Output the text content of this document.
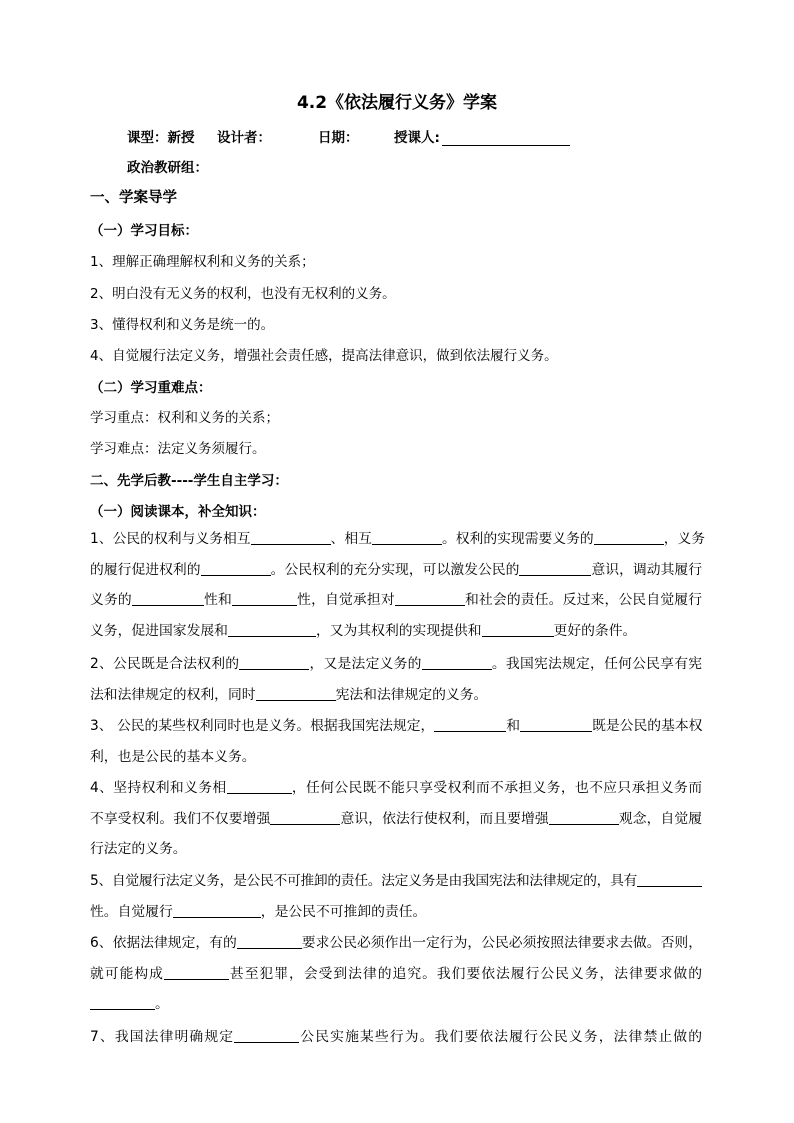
4.2《依法履行义务》学案
课型：新授 设计者：	日期：	授课人:
政治教研组：
一、学案导学
（一）学习目标：
1、理解正确理解权利和义务的关系；
2、明白没有无义务的权利，也没有无权利的义务。
3、懂得权利和义务是统一的。
4、自觉履行法定义务，增强社会责任感，提高法律意识，做到依法履行义务。
（二）学习重难点：
学习重点：权利和义务的关系；
学习难点：法定义务须履行。
二、先学后教----学生自主学习：
（一）阅读课本，补全知识：
1、公民的权利与义务相互	、相互	。权利的实现需要义务的	，义务
的履行促进权利的	。公民权利的充分实现，可以激发公民的	意识，调动其履行
义务的	性和	性，自觉承担对	和社会的责任。反过来，公民自觉履行
义务，促进国家发展和	，又为其权利的实现提供和	更好的条件。
2、公民既是合法权利的	，又是法定义务的	。我国宪法规定，任何公民享有宪
法和法律规定的权利，同时	宪法和法律规定的义务。
3、 公民的某些权利同时也是义务。根据我国宪法规定，	和	既是公民的基本权
利，也是公民的基本义务。
4、坚持权利和义务相	，任何公民既不能只享受权利而不承担义务，也不应只承担义务而
不享受权利。我们不仅要增强	意识，依法行使权利，而且要增强	观念，自觉履
行法定的义务。
5、自觉履行法定义务，是公民不可推卸的责任。法定义务是由我国宪法和法律规定的，具有
性。自觉履行	，是公民不可推卸的责任。
6、依据法律规定，有的	要求公民必须作出一定行为，公民必须按照法律要求去做。否则，
就可能构成	甚至犯罪，会受到法律的追究。我们要依法履行公民义务，法律要求做的
。
7、我国法律明确规定	公民实施某些行为。我们要依法履行公民义务，法律禁止做的
